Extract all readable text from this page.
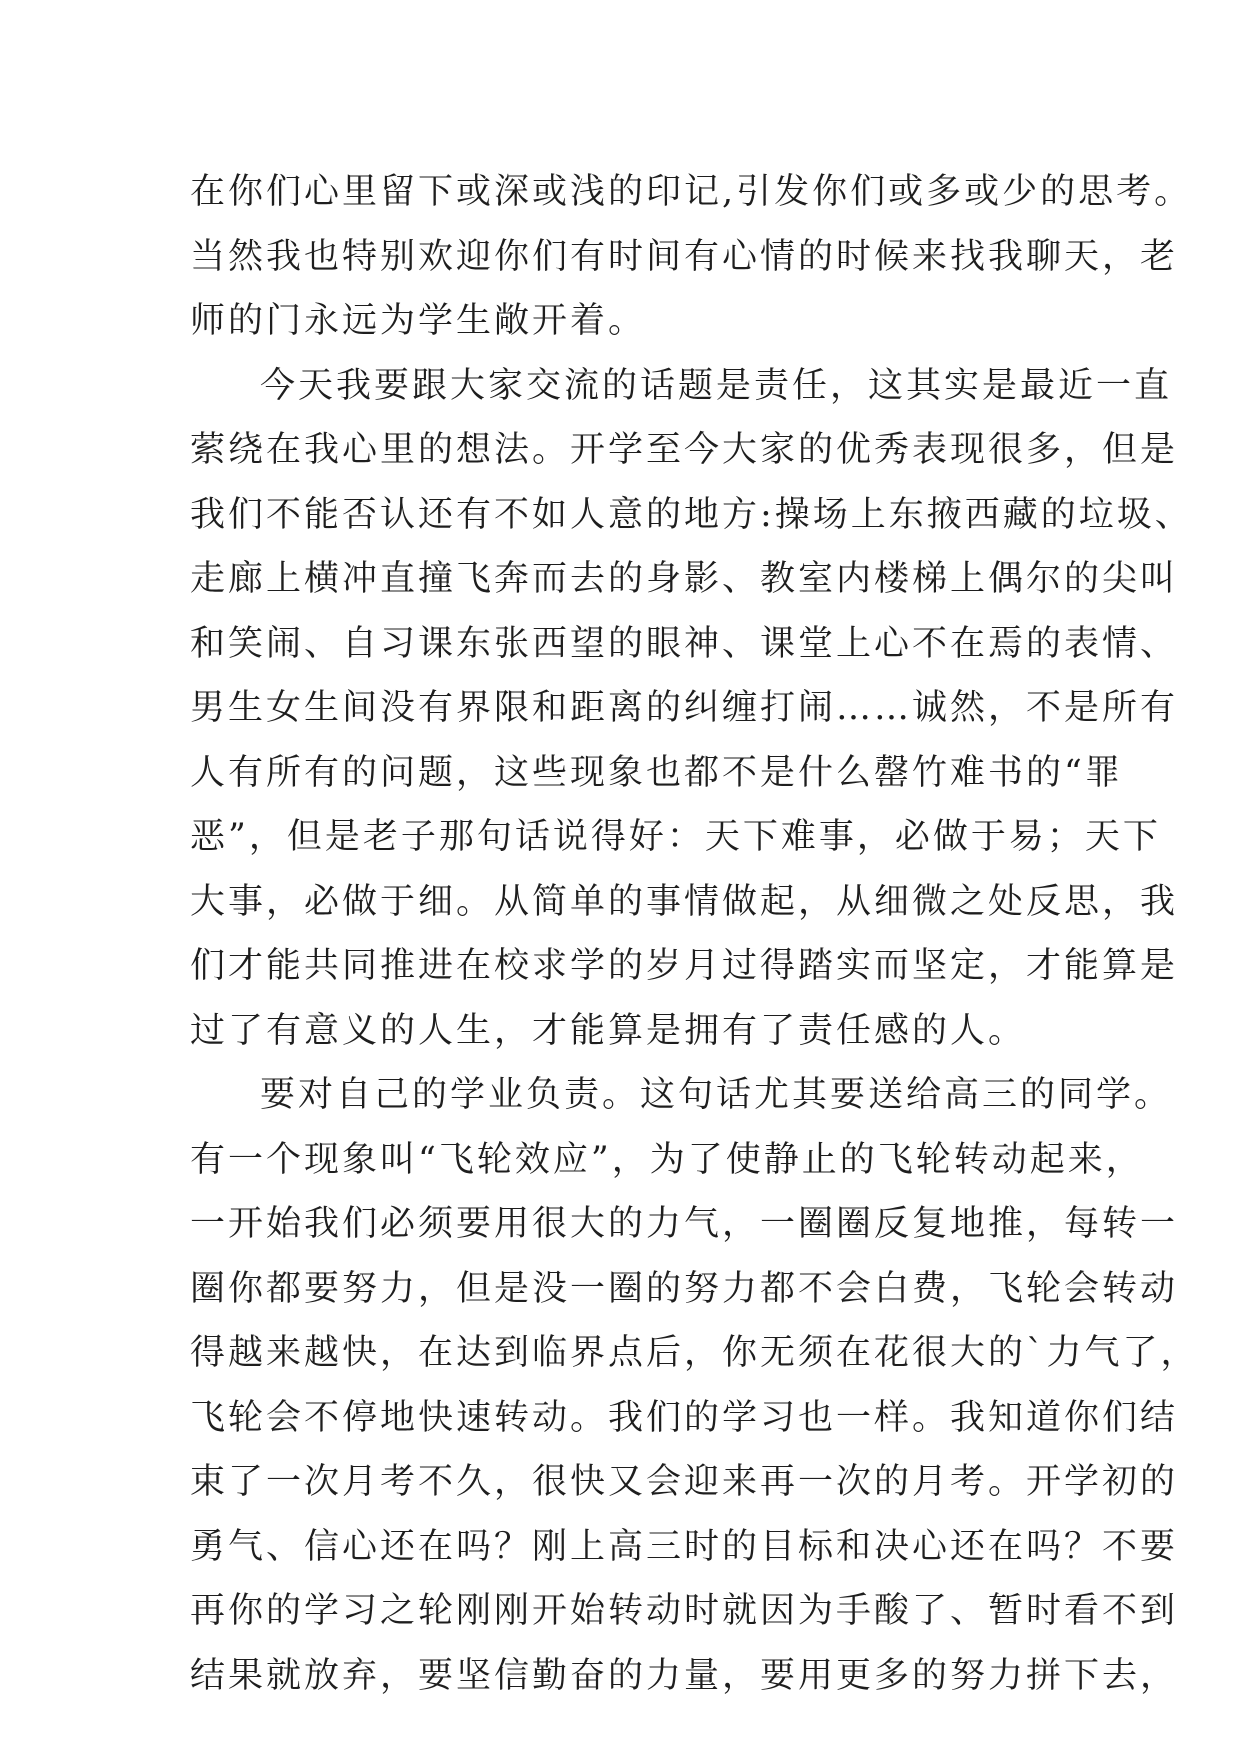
在你们心里留下或深或浅的印记,引发你们或多或少的思考。
当然我也特别欢迎你们有时间有心情的时候来找我聊天，老
师的门永远为学生敞开着。
今天我要跟大家交流的话题是责任，这其实是最近一直
萦绕在我心里的想法。开学至今大家的优秀表现很多，但是
我们不能否认还有不如人意的地方:操场上东掖西藏的垃圾、
走廊上横冲直撞飞奔而去的身影、教室内楼梯上偶尔的尖叫
和笑闹、自习课东张西望的眼神、课堂上心不在焉的表情、
男生女生间没有界限和距离的纠缠打闹……诚然，不是所有
人有所有的问题，这些现象也都不是什么罄竹难书的“罪
恶”，但是老子那句话说得好：天下难事，必做于易；天下
大事，必做于细。从简单的事情做起，从细微之处反思，我
们才能共同推进在校求学的岁月过得踏实而坚定，才能算是
过了有意义的人生，才能算是拥有了责任感的人。
要对自己的学业负责。这句话尤其要送给高三的同学。
有一个现象叫“飞轮效应”，为了使静止的飞轮转动起来，
一开始我们必须要用很大的力气，一圈圈反复地推，每转一
圈你都要努力，但是没一圈的努力都不会白费，飞轮会转动
得越来越快，在达到临界点后，你无须在花很大的`力气了，
飞轮会不停地快速转动。我们的学习也一样。我知道你们结
束了一次月考不久，很快又会迎来再一次的月考。开学初的
勇气、信心还在吗？刚上高三时的目标和决心还在吗？不要
再你的学习之轮刚刚开始转动时就因为手酸了、暂时看不到
结果就放弃，要坚信勤奋的力量，要用更多的努力拼下去，
